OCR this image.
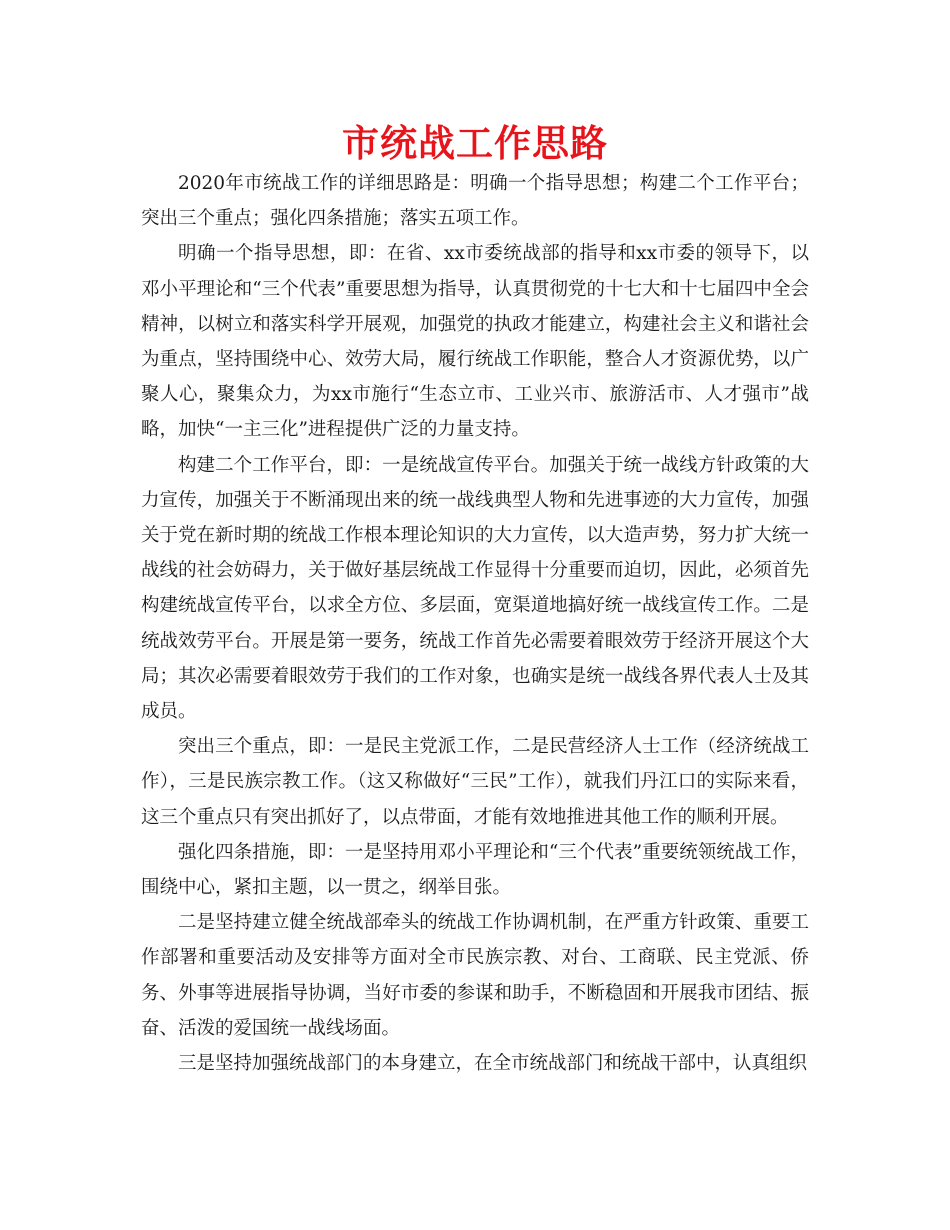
市统战工作思路

2020年市统战工作的详细思路是：明确一个指导思想；构建二个工作平台；突出三个重点；强化四条措施；落实五项工作。

明确一个指导思想，即：在省、xx市委统战部的指导和xx市委的领导下，以邓小平理论和“三个代表”重要思想为指导，认真贯彻党的十七大和十七届四中全会精神，以树立和落实科学开展观，加强党的执政才能建立，构建社会主义和谐社会为重点，坚持围绕中心、效劳大局，履行统战工作职能，整合人才资源优势，以广聚人心，聚集众力，为xx市施行“生态立市、工业兴市、旅游活市、人才强市”战略，加快“一主三化”进程提供广泛的力量支持。

构建二个工作平台，即：一是统战宣传平台。加强关于统一战线方针政策的大力宣传，加强关于不断涌现出来的统一战线典型人物和先进事迹的大力宣传，加强关于党在新时期的统战工作根本理论知识的大力宣传，以大造声势，努力扩大统一战线的社会妨碍力，关于做好基层统战工作显得十分重要而迫切，因此，必须首先构建统战宣传平台，以求全方位、多层面，宽渠道地搞好统一战线宣传工作。二是统战效劳平台。开展是第一要务，统战工作首先必需要着眼效劳于经济开展这个大局；其次必需要着眼效劳于我们的工作对象，也确实是统一战线各界代表人士及其成员。

突出三个重点，即：一是民主党派工作，二是民营经济人士工作（经济统战工作），三是民族宗教工作。（这又称做好“三民”工作），就我们丹江口的实际来看，这三个重点只有突出抓好了，以点带面，才能有效地推进其他工作的顺利开展。

强化四条措施，即：一是坚持用邓小平理论和“三个代表”重要统领统战工作，围绕中心，紧扣主题，以一贯之，纲举目张。

二是坚持建立健全统战部牵头的统战工作协调机制，在严重方针政策、重要工作部署和重要活动及安排等方面对全市民族宗教、对台、工商联、民主党派、侨务、外事等进展指导协调，当好市委的参谋和助手，不断稳固和开展我市团结、振奋、活泼的爱国统一战线场面。

三是坚持加强统战部门的本身建立，在全市统战部门和统战干部中，认真组织
